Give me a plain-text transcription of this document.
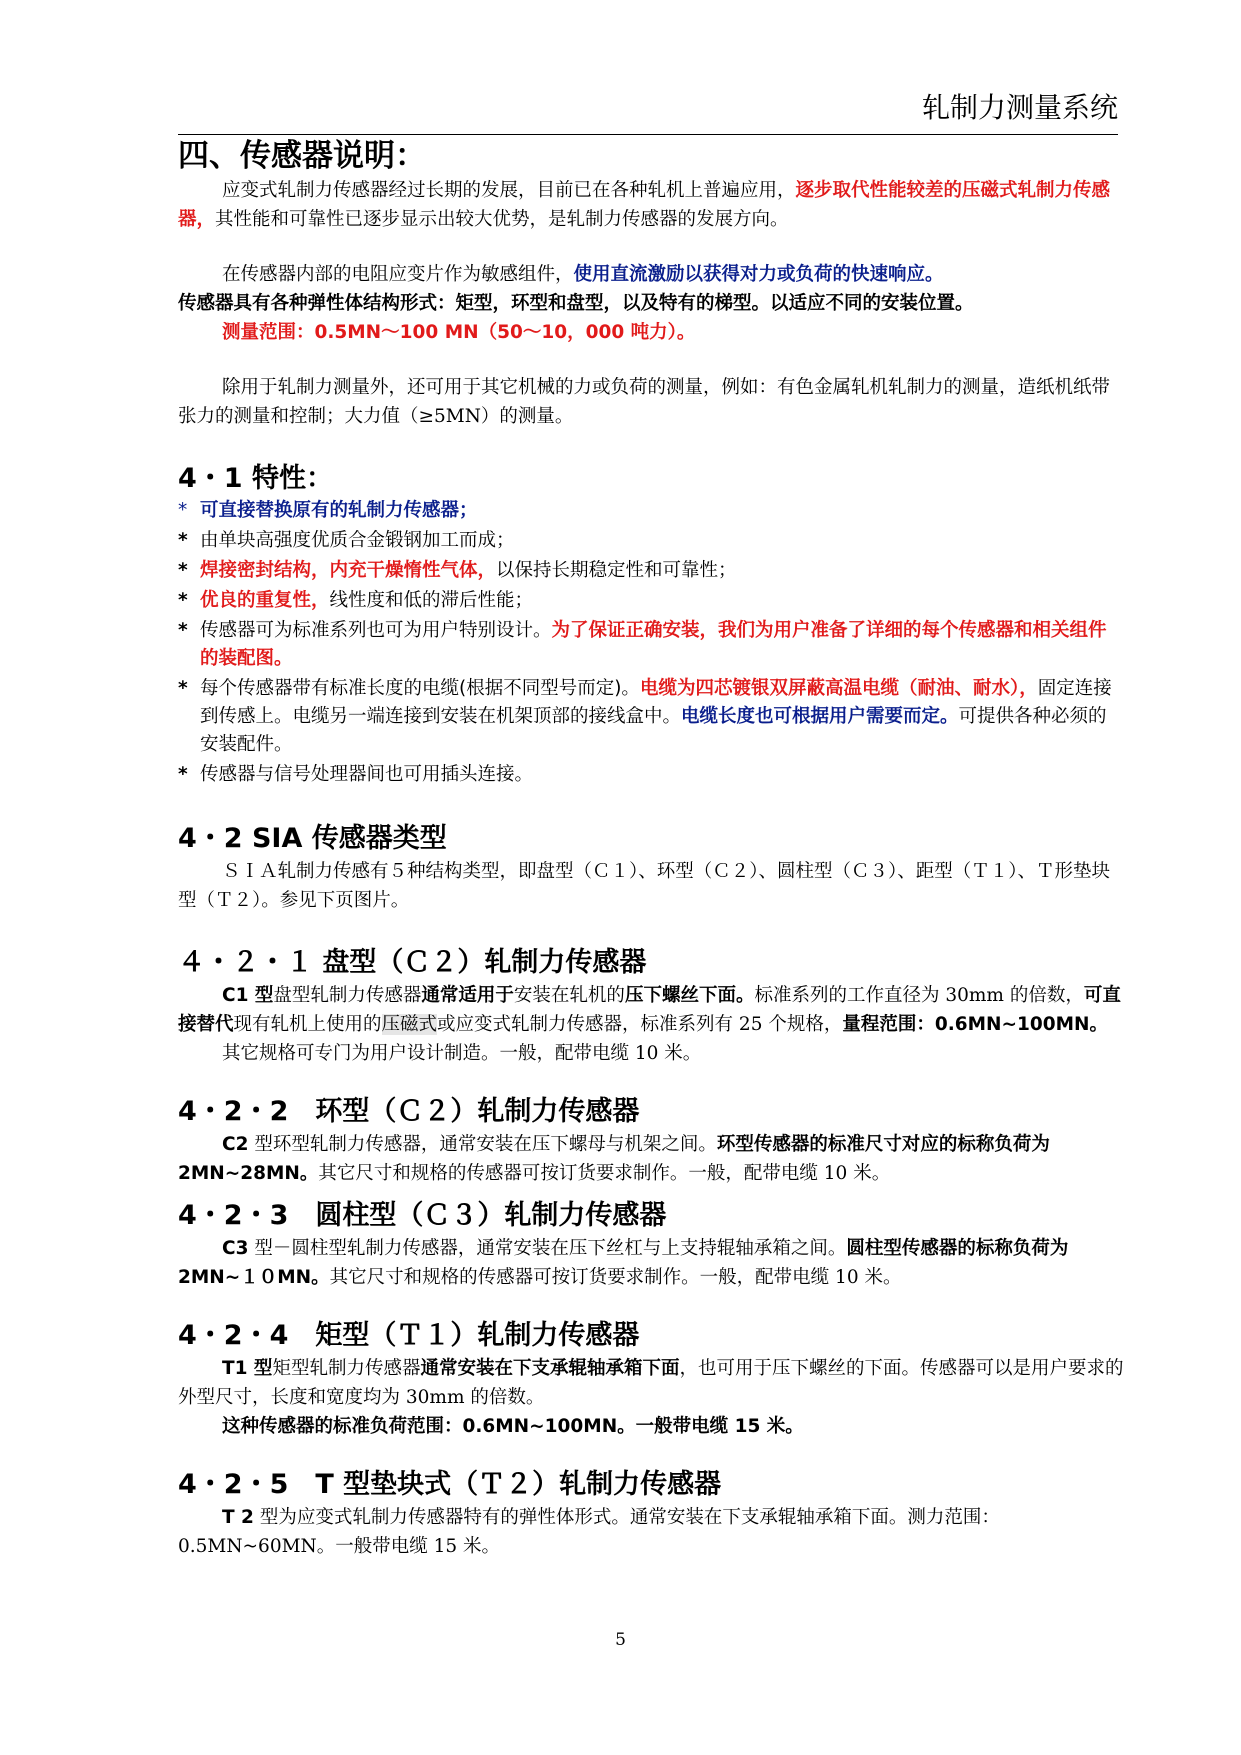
轧制力测量系统
四、传感器说明：

应变式轧制力传感器经过长期的发展，目前已在各种轧机上普遍应用，逐步取代性能较差的压磁式轧制力传感器，其性能和可靠性已逐步显示出较大优势，是轧制力传感器的发展方向。

在传感器内部的电阻应变片作为敏感组件，使用直流激励以获得对力或负荷的快速响应。

传感器具有各种弹性体结构形式：矩型，环型和盘型，以及特有的梯型。以适应不同的安装位置。

测量范围：0.5MN～100 MN（50～10，000 吨力）。

除用于轧制力测量外，还可用于其它机械的力或负荷的测量，例如：有色金属轧机轧制力的测量，造纸机纸带张力的测量和控制；大力值（≥5MN）的测量。

4・1 特性：
* 可直接替换原有的轧制力传感器；
* 由单块高强度优质合金锻钢加工而成；
* 焊接密封结构，内充干燥惰性气体，以保持长期稳定性和可靠性；
* 优良的重复性，线性度和低的滞后性能；
* 传感器可为标准系列也可为用户特别设计。为了保证正确安装，我们为用户准备了详细的每个传感器和相关组件的装配图。
* 每个传感器带有标准长度的电缆(根据不同型号而定)。电缆为四芯镀银双屏蔽高温电缆（耐油、耐水），固定连接到传感上。电缆另一端连接到安装在机架顶部的接线盒中。电缆长度也可根据用户需要而定。可提供各种必须的安装配件。
* 传感器与信号处理器间也可用插头连接。
4・2 SIA 传感器类型

ＳＩＡ轧制力传感有５种结构类型，即盘型（Ｃ１）、环型（Ｃ２）、圆柱型（Ｃ３）、距型（Ｔ１）、Ｔ形垫块型（Ｔ２）。参见下页图片。

４・２・１ 盘型（Ｃ２）轧制力传感器

C1 型盘型轧制力传感器通常适用于安装在轧机的压下螺丝下面。标准系列的工作直径为 30mm 的倍数，可直接替代现有轧机上使用的压磁式或应变式轧制力传感器，标准系列有 25 个规格，量程范围：0.6MN~100MN。

其它规格可专门为用户设计制造。一般，配带电缆 10 米。

4・2・2　环型（Ｃ２）轧制力传感器

C2 型环型轧制力传感器，通常安装在压下螺母与机架之间。环型传感器的标准尺寸对应的标称负荷为 2MN~28MN。其它尺寸和规格的传感器可按订货要求制作。一般，配带电缆 10 米。

4・2・3　圆柱型（Ｃ３）轧制力传感器

C3 型－圆柱型轧制力传感器，通常安装在压下丝杠与上支持辊轴承箱之间。圆柱型传感器的标称负荷为 2MN~１０MN。其它尺寸和规格的传感器可按订货要求制作。一般，配带电缆 10 米。

4・2・4　矩型（Ｔ１）轧制力传感器

T1 型矩型轧制力传感器通常安装在下支承辊轴承箱下面，也可用于压下螺丝的下面。传感器可以是用户要求的外型尺寸，长度和宽度均为 30mm 的倍数。

这种传感器的标准负荷范围：0.6MN~100MN。一般带电缆 15 米。

4・2・5　T 型垫块式（Ｔ２）轧制力传感器

T 2 型为应变式轧制力传感器特有的弹性体形式。通常安装在下支承辊轴承箱下面。测力范围：0.5MN~60MN。一般带电缆 15 米。

5
